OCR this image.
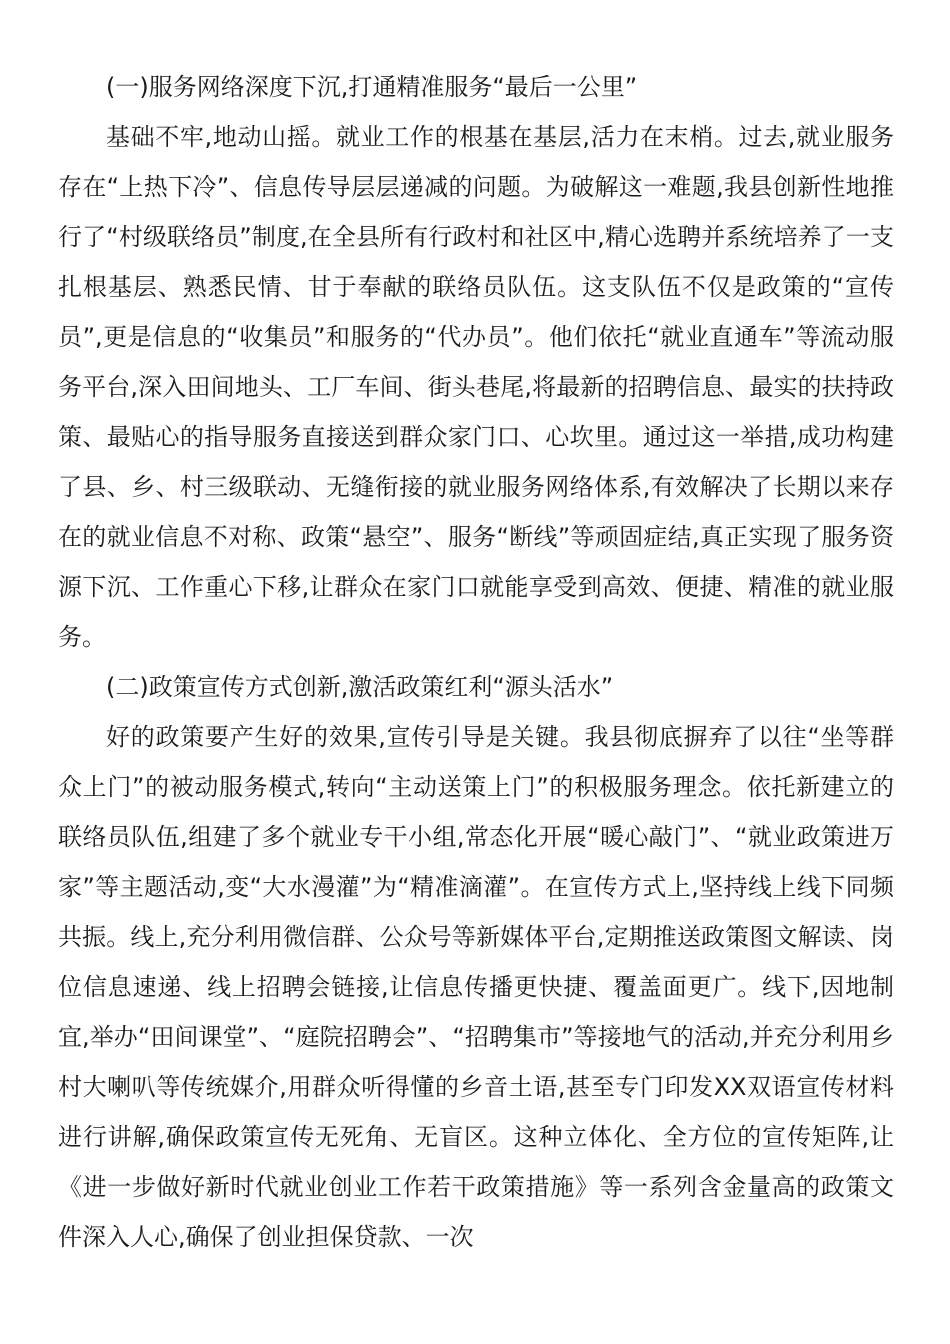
(一)服务网络深度下沉,打通精准服务“最后一公里”

基础不牢,地动山摇。就业工作的根基在基层,活力在末梢。过去,就业服务存在“上热下冷”、信息传导层层递减的问题。为破解这一难题,我县创新性地推行了“村级联络员”制度,在全县所有行政村和社区中,精心选聘并系统培养了一支扎根基层、熟悉民情、甘于奉献的联络员队伍。这支队伍不仅是政策的“宣传员”,更是信息的“收集员”和服务的“代办员”。他们依托“就业直通车”等流动服务平台,深入田间地头、工厂车间、街头巷尾,将最新的招聘信息、最实的扶持政策、最贴心的指导服务直接送到群众家门口、心坎里。通过这一举措,成功构建了县、乡、村三级联动、无缝衔接的就业服务网络体系,有效解决了长期以来存在的就业信息不对称、政策“悬空”、服务“断线”等顽固症结,真正实现了服务资源下沉、工作重心下移,让群众在家门口就能享受到高效、便捷、精准的就业服务。

(二)政策宣传方式创新,激活政策红利“源头活水”

好的政策要产生好的效果,宣传引导是关键。我县彻底摒弃了以往“坐等群众上门”的被动服务模式,转向“主动送策上门”的积极服务理念。依托新建立的联络员队伍,组建了多个就业专干小组,常态化开展“暖心敲门”、“就业政策进万家”等主题活动,变“大水漫灌”为“精准滴灌”。在宣传方式上,坚持线上线下同频共振。线上,充分利用微信群、公众号等新媒体平台,定期推送政策图文解读、岗位信息速递、线上招聘会链接,让信息传播更快捷、覆盖面更广。线下,因地制宜,举办“田间课堂”、“庭院招聘会”、“招聘集市”等接地气的活动,并充分利用乡村大喇叭等传统媒介,用群众听得懂的乡音土语,甚至专门印发XX双语宣传材料进行讲解,确保政策宣传无死角、无盲区。这种立体化、全方位的宣传矩阵,让《进一步做好新时代就业创业工作若干政策措施》等一系列含金量高的政策文件深入人心,确保了创业担保贷款、一次
